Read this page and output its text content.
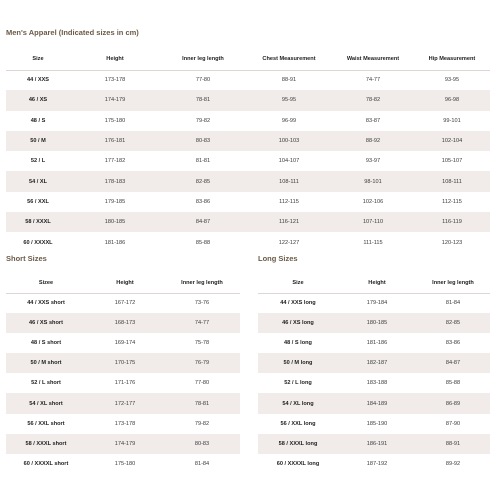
Men's Apparel (Indicated sizes in cm)
Size	Height	Inner leg length	Chest Measurement	Waist Measurement	Hip Measurement
44 / XXS	173-178	77-80	88-91	74-77	93-95
46 / XS	174-179	78-81	95-95	78-82	96-98
48 / S	175-180	79-82	96-99	83-87	99-101
50 / M	176-181	80-83	100-103	88-92	102-104
52 / L	177-182	81-81	104-107	93-97	105-107
54 / XL	178-183	82-85	108-111	98-101	108-111
56 / XXL	179-185	83-86	112-115	102-106	112-115
58 / XXXL	180-185	84-87	116-121	107-110	116-119
60 / XXXXL	181-186	85-88	122-127	111-115	120-123
Short Sizes
Sizee	Height	Inner leg length
44 / XXS short	167-172	73-76
46 / XS short	168-173	74-77
48 / S short	169-174	75-78
50 / M short	170-175	76-79
52 / L short	171-176	77-80
54 / XL short	172-177	78-81
56 / XXL short	173-178	79-82
58 / XXXL short	174-179	80-83
60 / XXXXL short	175-180	81-84
Long Sizes
Size	Height	Inner leg length
44 / XXS long	179-184	81-84
46 / XS long	180-185	82-85
48 / S long	181-186	83-86
50 / M long	182-187	84-87
52 / L long	183-188	85-88
54 / XL long	184-189	86-89
56 / XXL long	185-190	87-90
58 / XXXL long	186-191	88-91
60 / XXXXL long	187-192	89-92
